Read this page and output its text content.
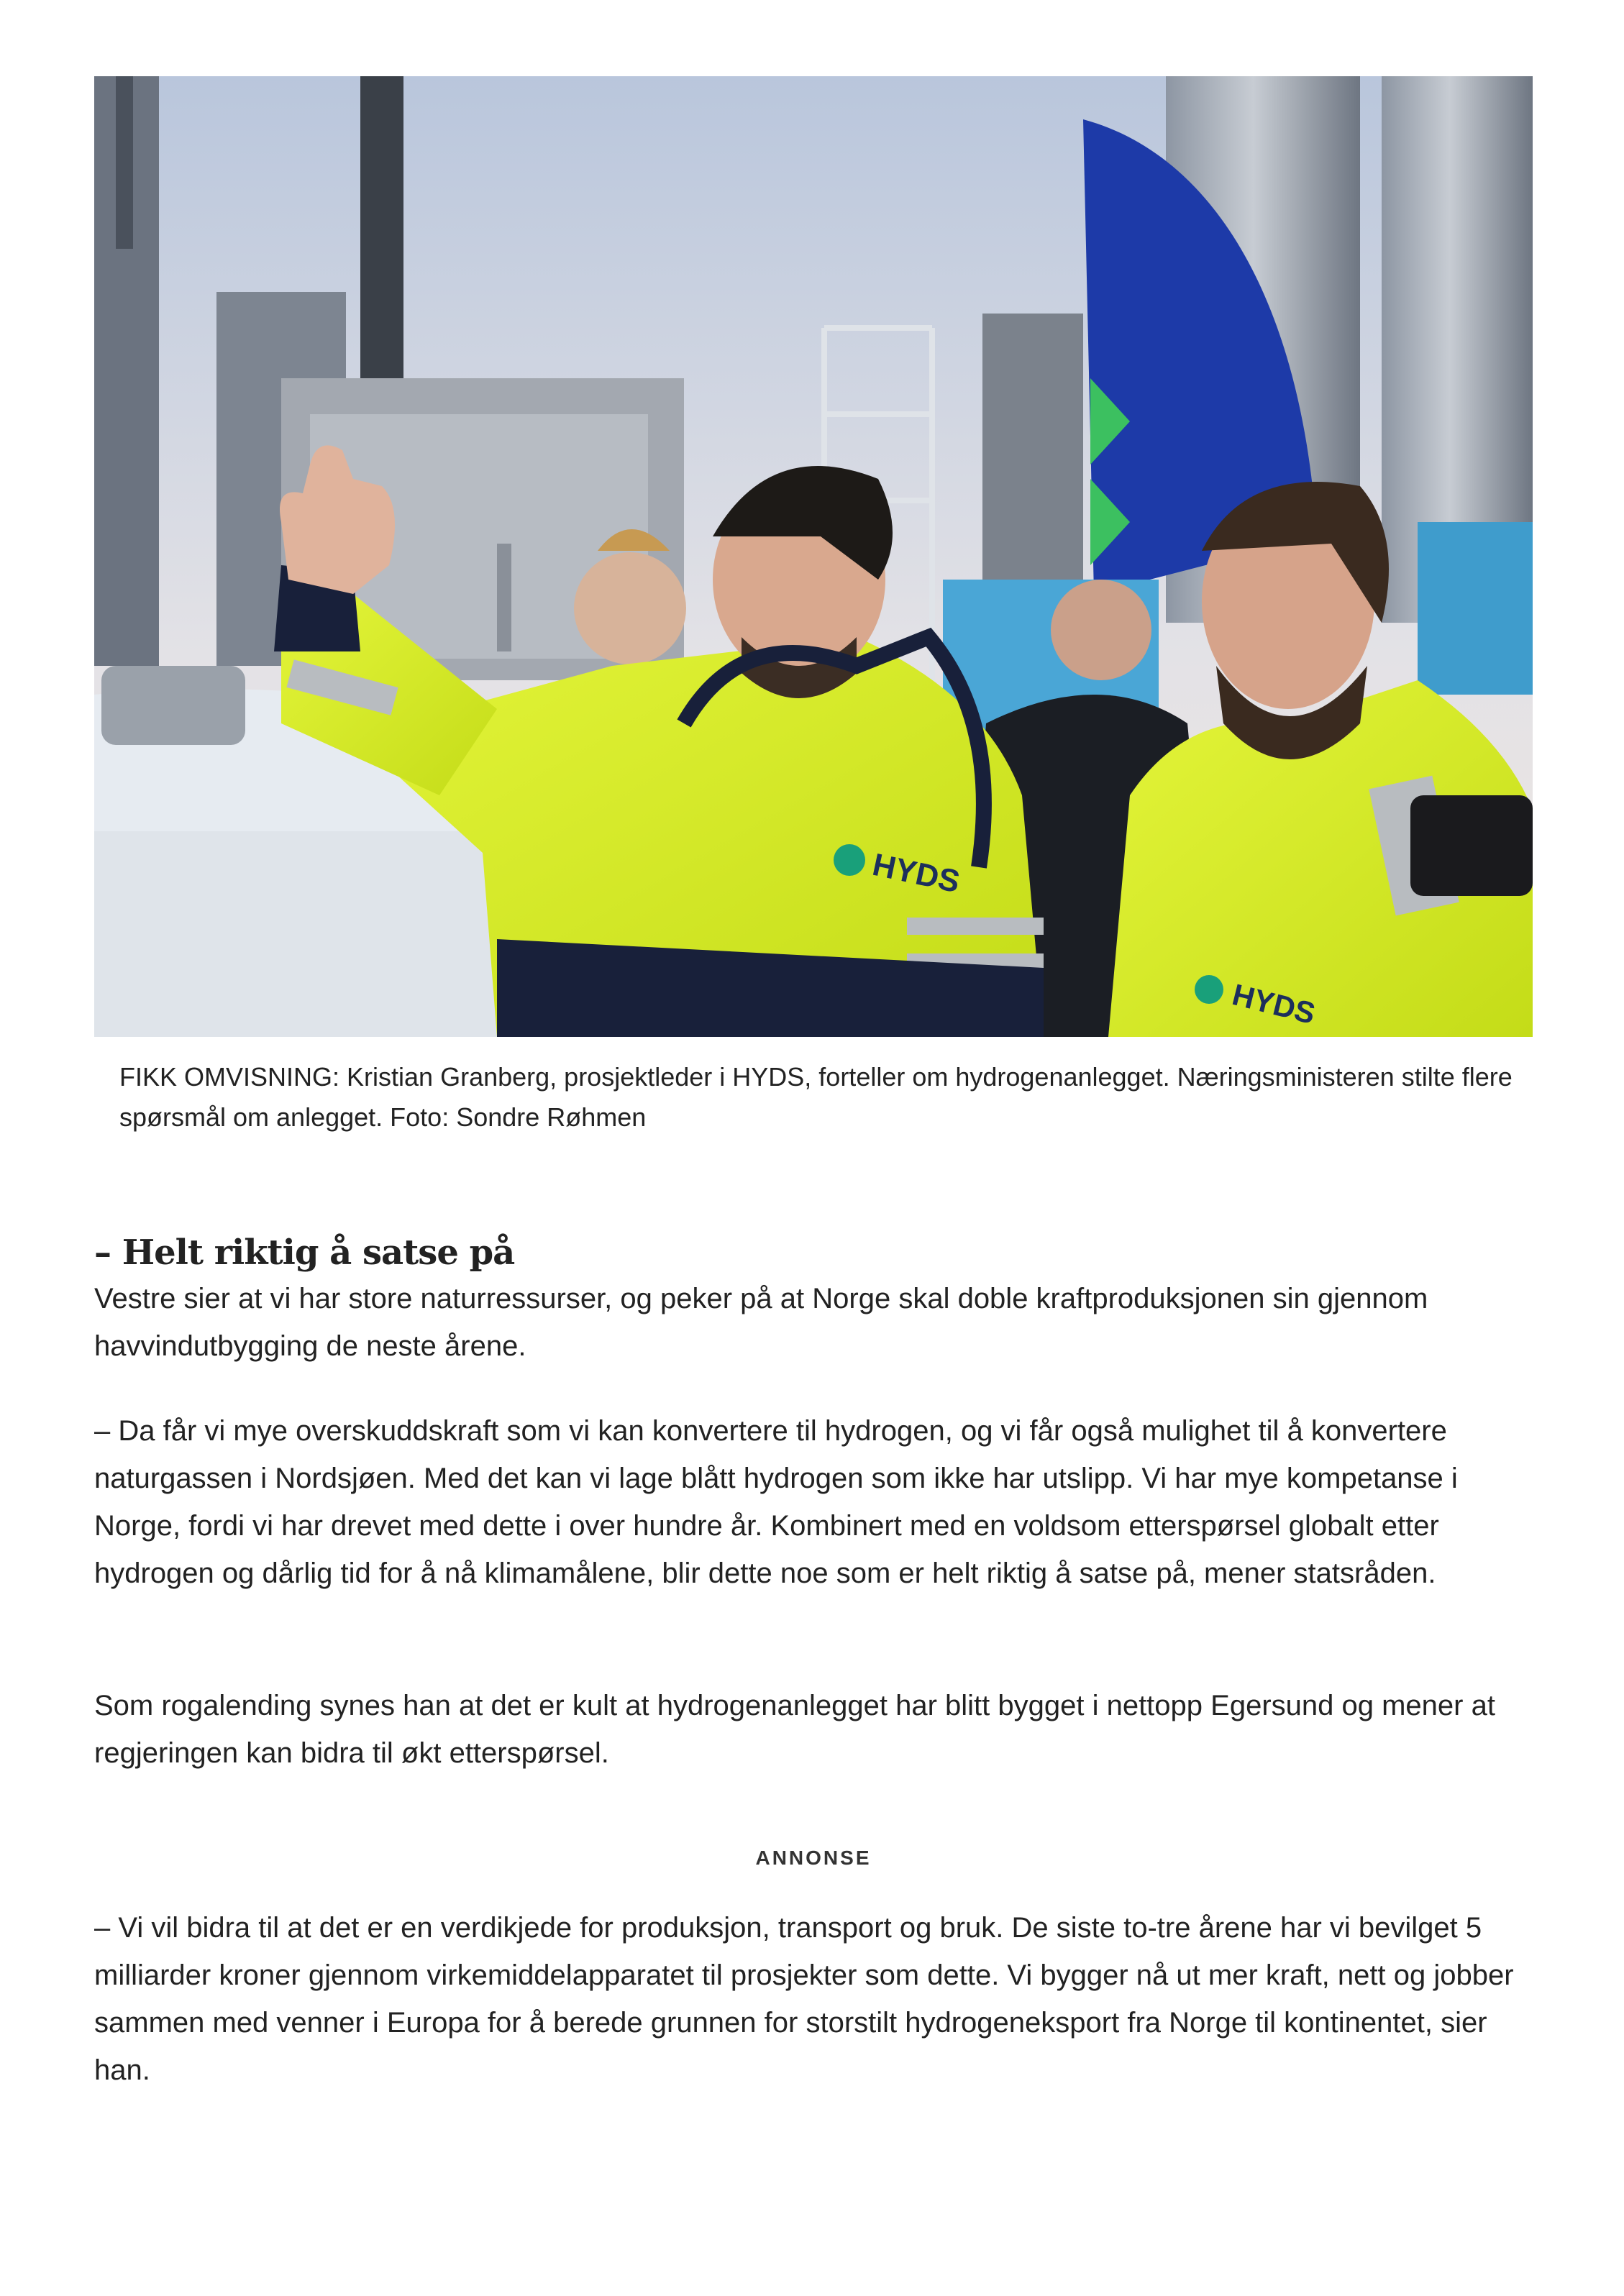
HYDS
HYDS
FIKK OMVISNING: Kristian Granberg, prosjektleder i HYDS, forteller om hydrogenanlegget. Næringsministeren stilte flere spørsmål om anlegget. Foto: Sondre Røhmen
– Helt riktig å satse på

Vestre sier at vi har store naturressurser, og peker på at Norge skal doble kraftproduksjonen sin gjennom havvindutbygging de neste årene.

– Da får vi mye overskuddskraft som vi kan konvertere til hydrogen, og vi får også mulighet til å konvertere naturgassen i Nordsjøen. Med det kan vi lage blått hydrogen som ikke har utslipp. Vi har mye kompetanse i Norge, fordi vi har drevet med dette i over hundre år. Kombinert med en voldsom etterspørsel globalt etter hydrogen og dårlig tid for å nå klimamålene, blir dette noe som er helt riktig å satse på, mener statsråden.

Som rogalending synes han at det er kult at hydrogenanlegget har blitt bygget i nettopp Egersund og mener at regjeringen kan bidra til økt etterspørsel.

ANNONSE

– Vi vil bidra til at det er en verdikjede for produksjon, transport og bruk. De siste to-tre årene har vi bevilget 5 milliarder kroner gjennom virkemiddelapparatet til prosjekter som dette. Vi bygger nå ut mer kraft, nett og jobber sammen med venner i Europa for å berede grunnen for storstilt hydrogeneksport fra Norge til kontinentet, sier han.
